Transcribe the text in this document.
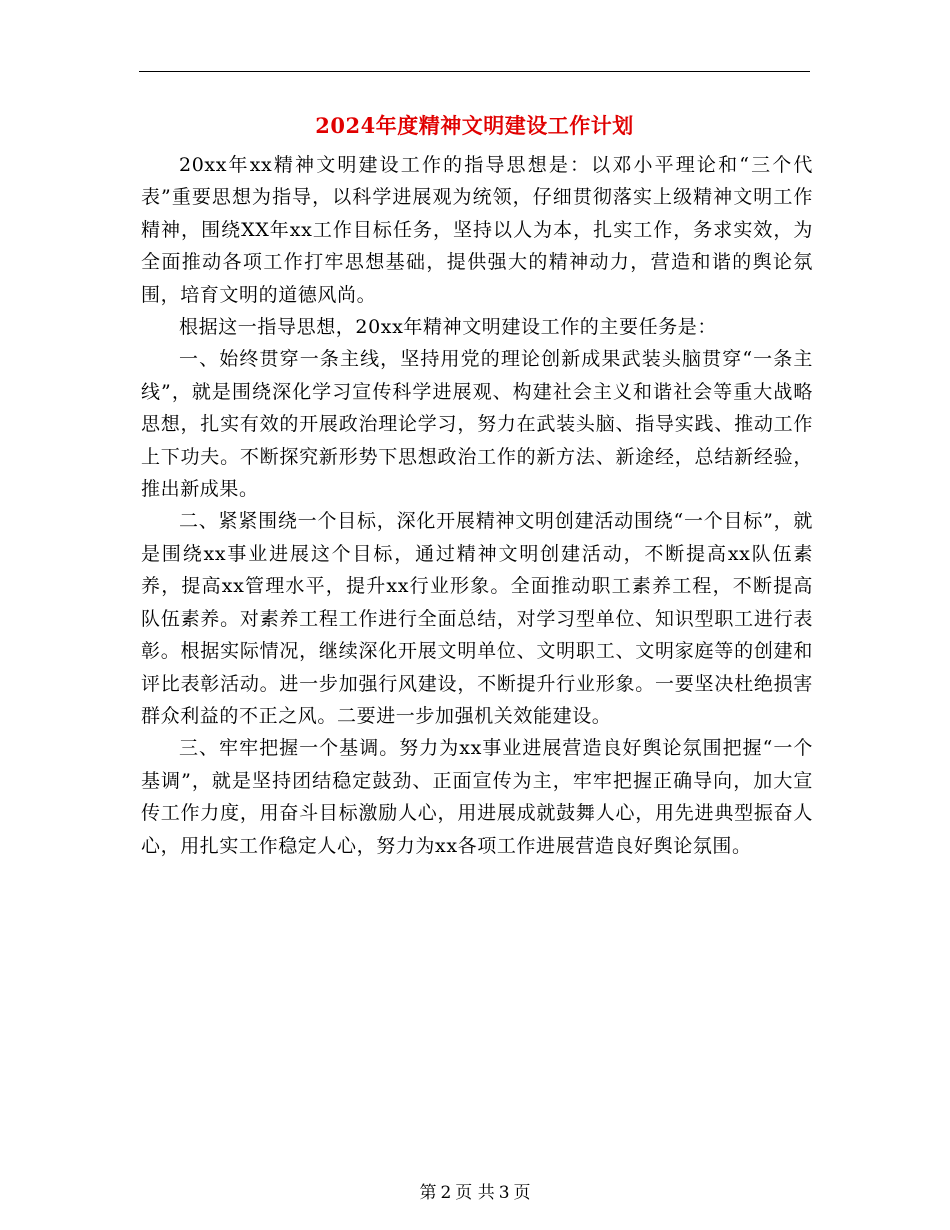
2024年度精神文明建设工作计划

20xx年xx精神文明建设工作的指导思想是：以邓小平理论和“三个代表”重要思想为指导，以科学进展观为统领，仔细贯彻落实上级精神文明工作精神，围绕XX年xx工作目标任务，坚持以人为本，扎实工作，务求实效，为全面推动各项工作打牢思想基础，提供强大的精神动力，营造和谐的舆论氛围，培育文明的道德风尚。

根据这一指导思想，20xx年精神文明建设工作的主要任务是：

一、始终贯穿一条主线，坚持用党的理论创新成果武装头脑贯穿“一条主线”，就是围绕深化学习宣传科学进展观、构建社会主义和谐社会等重大战略思想，扎实有效的开展政治理论学习，努力在武装头脑、指导实践、推动工作上下功夫。不断探究新形势下思想政治工作的新方法、新途经，总结新经验，推出新成果。

二、紧紧围绕一个目标，深化开展精神文明创建活动围绕“一个目标”，就是围绕xx事业进展这个目标，通过精神文明创建活动，不断提高xx队伍素养，提高xx管理水平，提升xx行业形象。全面推动职工素养工程，不断提高队伍素养。对素养工程工作进行全面总结，对学习型单位、知识型职工进行表彰。根据实际情况，继续深化开展文明单位、文明职工、文明家庭等的创建和评比表彰活动。进一步加强行风建设，不断提升行业形象。一要坚决杜绝损害群众利益的不正之风。二要进一步加强机关效能建设。

三、牢牢把握一个基调。努力为xx事业进展营造良好舆论氛围把握“一个基调”，就是坚持团结稳定鼓劲、正面宣传为主，牢牢把握正确导向，加大宣传工作力度，用奋斗目标激励人心，用进展成就鼓舞人心，用先进典型振奋人心，用扎实工作稳定人心，努力为xx各项工作进展营造良好舆论氛围。

第 2 页 共 3 页
